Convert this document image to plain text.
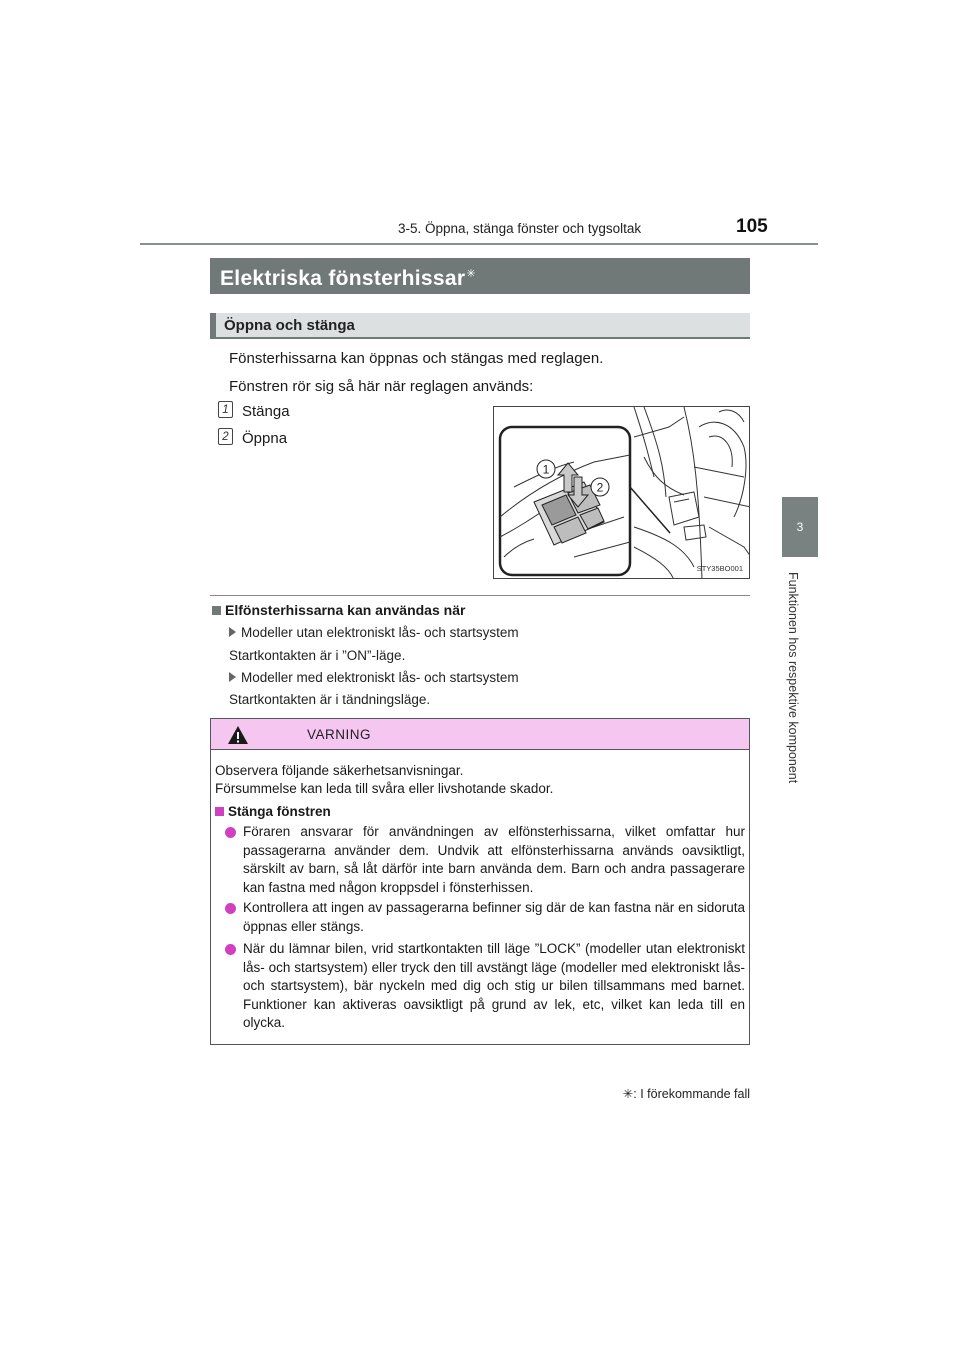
3-5. Öppna, stänga fönster och tygsoltak	105
3
Funktionen hos respektive komponent
Elektriska fönsterhissar✳
Öppna och stänga
Fönsterhissarna kan öppnas och stängas med reglagen.
Fönstren rör sig så här när reglagen används:
1 Stänga
2 Öppna
1
2
STY35BO001
Elfönsterhissarna kan användas när
Modeller utan elektroniskt lås- och startsystem
Startkontakten är i ”ON”-läge.
Modeller med elektroniskt lås- och startsystem
Startkontakten är i tändningsläge.
VARNING
Observera följande säkerhetsanvisningar.
Försummelse kan leda till svåra eller livshotande skador.
Stänga fönstren
Föraren ansvarar för användningen av elfönsterhissarna, vilket omfattar hur passagerarna använder dem. Undvik att elfönsterhissarna används oavsiktligt, särskilt av barn, så låt därför inte barn använda dem. Barn och andra passagerare kan fastna med någon kroppsdel i fönsterhissen.
Kontrollera att ingen av passagerarna befinner sig där de kan fastna när en sidoruta öppnas eller stängs.
När du lämnar bilen, vrid startkontakten till läge ”LOCK” (modeller utan elektroniskt lås- och startsystem) eller tryck den till avstängt läge (modeller med elektroniskt lås- och startsystem), bär nyckeln med dig och stig ur bilen tillsammans med barnet. Funktioner kan aktiveras oavsiktligt på grund av lek, etc, vilket kan leda till en olycka.
✳: I förekommande fall
